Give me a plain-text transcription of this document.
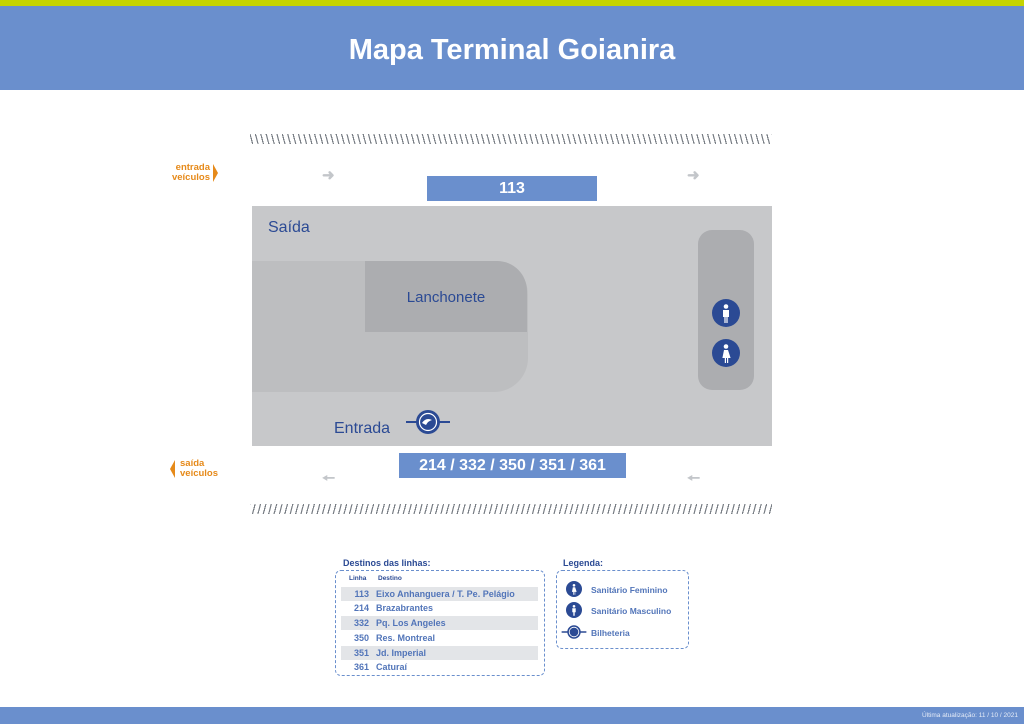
Mapa Terminal Goianira
entrada
veículos
saída
veículos
➜	➜
🠔	🠔
113
Lanchonete
Saída
Entrada
214 / 332 / 350 / 351 / 361
Destinos das linhas:
Linha Destino
113 Eixo Anhanguera / T. Pe. Pelágio
214 Brazabrantes
332 Pq. Los Angeles
350 Res. Montreal
351 Jd. Imperial
361 Caturaí
Legenda:
Sanitário Feminino
Sanitário Masculino
Bilheteria
Última atualização: 11 / 10 / 2021
